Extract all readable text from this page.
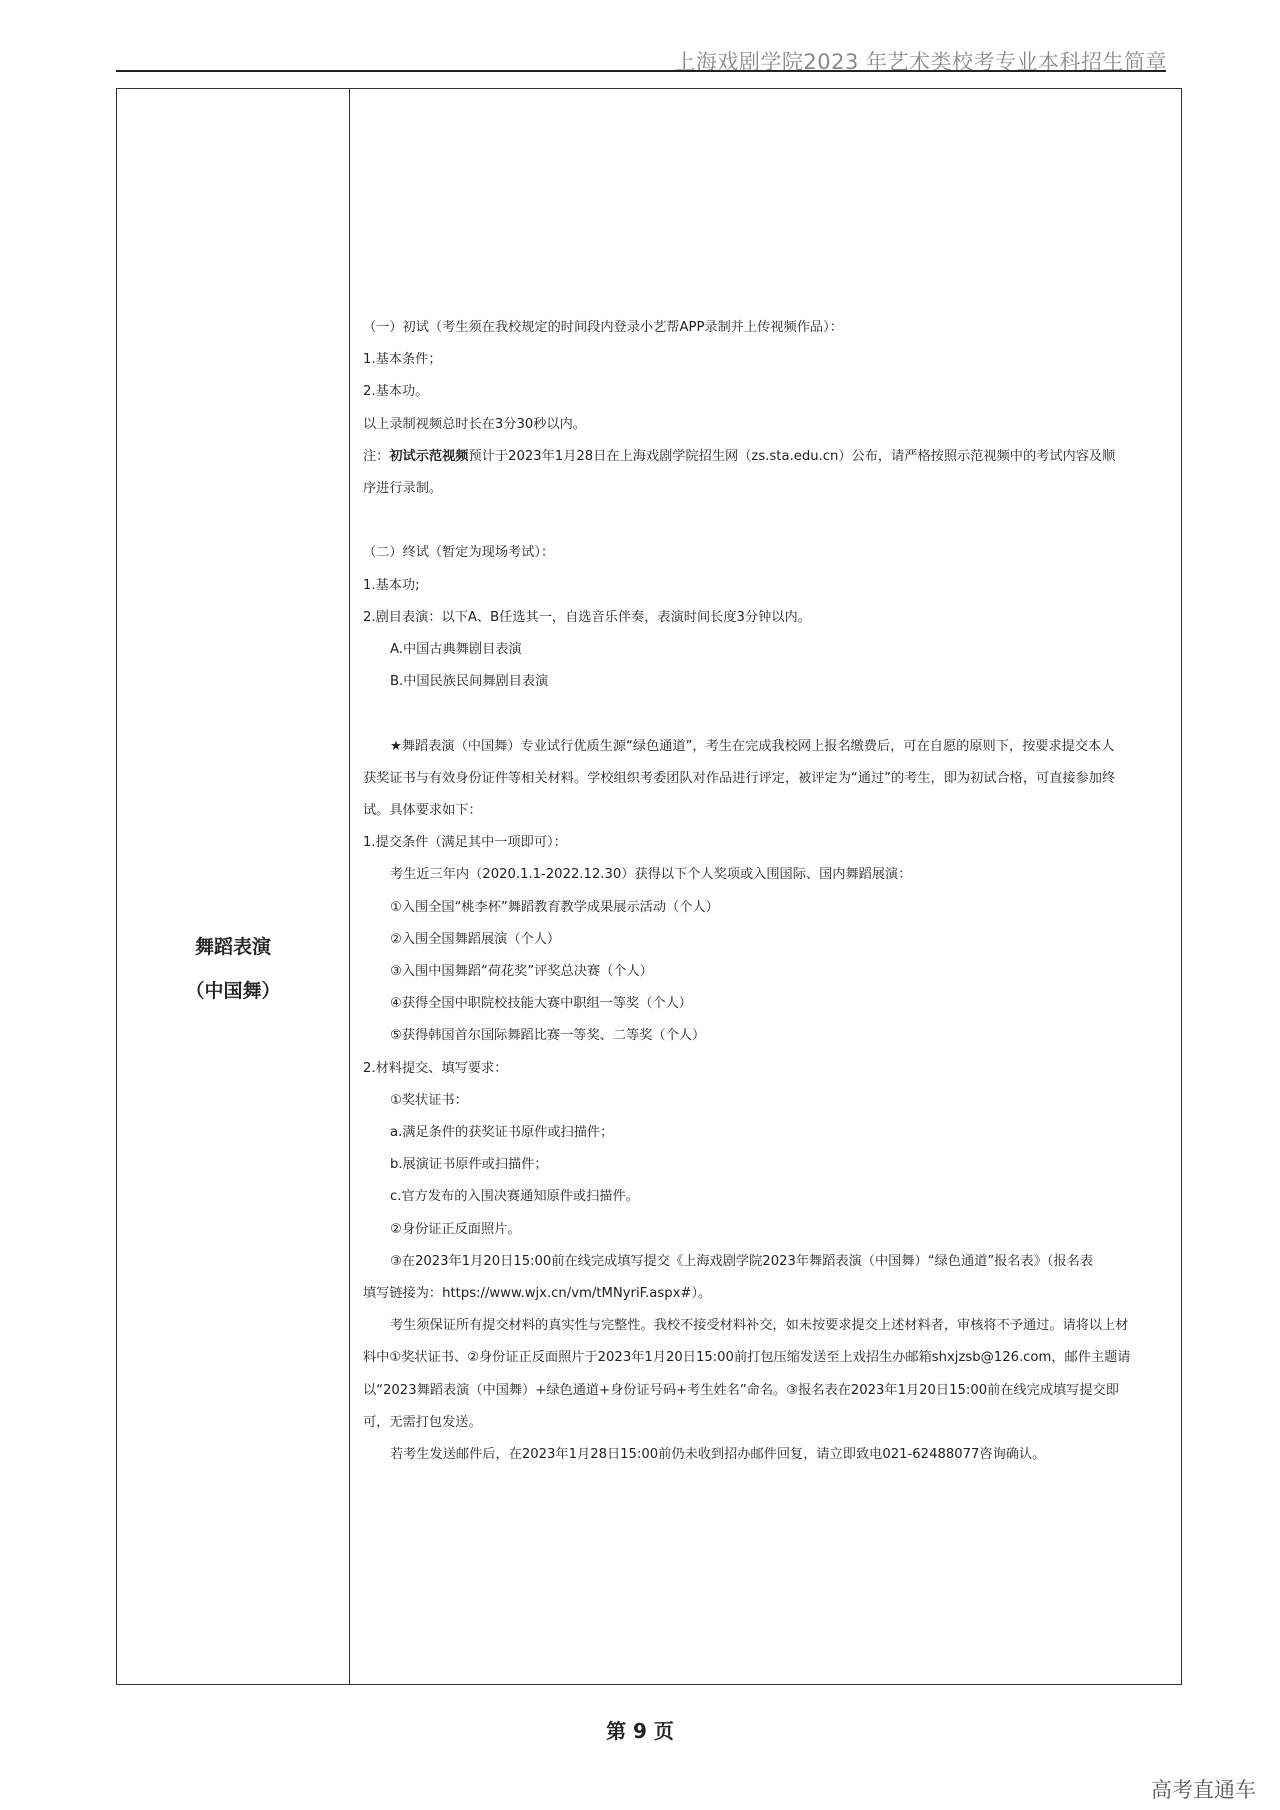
上海戏剧学院2023 年艺术类校考专业本科招生简章
舞蹈表演
（中国舞）

（一）初试（考生须在我校规定的时间段内登录小艺帮APP录制并上传视频作品）：

1.基本条件；

2.基本功。

以上录制视频总时长在3分30秒以内。

注：初试示范视频预计于2023年1月28日在上海戏剧学院招生网（zs.sta.edu.cn）公布，请严格按照示范视频中的考试内容及顺

序进行录制。

（二）终试（暂定为现场考试）：

1.基本功;

2.剧目表演：以下A、B任选其一，自选音乐伴奏，表演时间长度3分钟以内。

A.中国古典舞剧目表演

B.中国民族民间舞剧目表演

★舞蹈表演（中国舞）专业试行优质生源“绿色通道”，考生在完成我校网上报名缴费后，可在自愿的原则下，按要求提交本人

获奖证书与有效身份证件等相关材料。学校组织考委团队对作品进行评定，被评定为“通过”的考生，即为初试合格，可直接参加终

试。具体要求如下：

1.提交条件（满足其中一项即可）：

考生近三年内（2020.1.1-2022.12.30）获得以下个人奖项或入围国际、国内舞蹈展演：

①入围全国“桃李杯”舞蹈教育教学成果展示活动（个人）

②入围全国舞蹈展演（个人）

③入围中国舞蹈“荷花奖”评奖总决赛（个人）

④获得全国中职院校技能大赛中职组一等奖（个人）

⑤获得韩国首尔国际舞蹈比赛一等奖、二等奖（个人）

2.材料提交、填写要求：

①奖状证书：

a.满足条件的获奖证书原件或扫描件；

b.展演证书原件或扫描件；

c.官方发布的入围决赛通知原件或扫描件。

②身份证正反面照片。

③在2023年1月20日15:00前在线完成填写提交《上海戏剧学院2023年舞蹈表演（中国舞）“绿色通道”报名表》（报名表

填写链接为：https://www.wjx.cn/vm/tMNyriF.aspx#）。

考生须保证所有提交材料的真实性与完整性。我校不接受材料补交，如未按要求提交上述材料者，审核将不予通过。请将以上材

料中①奖状证书、②身份证正反面照片于2023年1月20日15:00前打包压缩发送至上戏招生办邮箱shxjzsb@126.com，邮件主题请

以“2023舞蹈表演（中国舞）+绿色通道+身份证号码+考生姓名”命名。③报名表在2023年1月20日15:00前在线完成填写提交即

可，无需打包发送。

若考生发送邮件后，在2023年1月28日15:00前仍未收到招办邮件回复，请立即致电021-62488077咨询确认。

第 9 页
高考直通车
